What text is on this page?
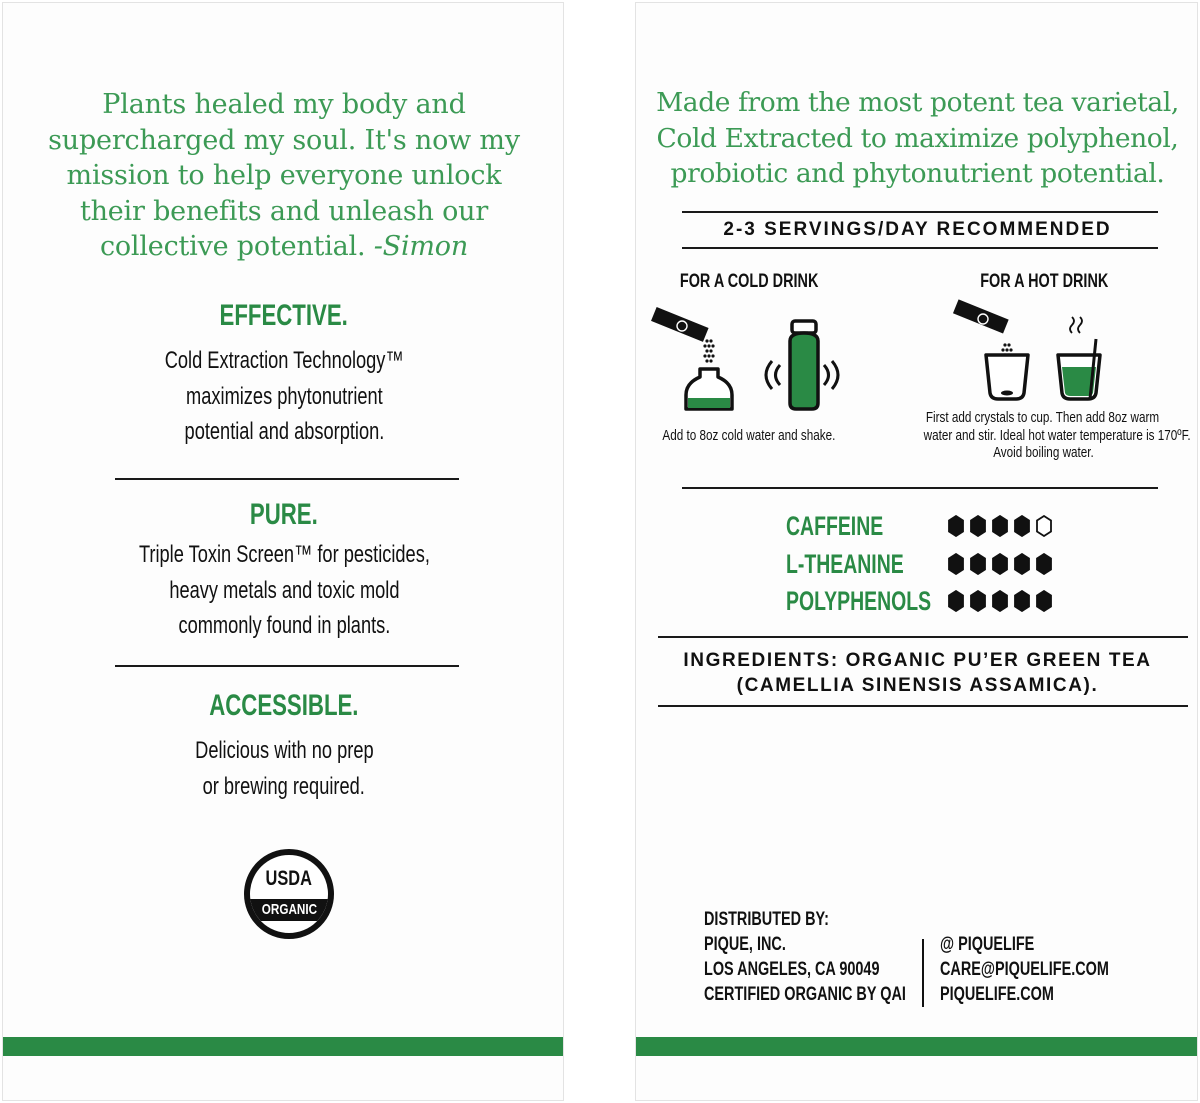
Plants healed my body and
supercharged my soul. It's now my
mission to help everyone unlock
their benefits and unleash our
collective potential. -Simon
EFFECTIVE.
Cold Extraction Technology™
maximizes phytonutrient
potential and absorption.
PURE.
Triple Toxin Screen™ for pesticides,
heavy metals and toxic mold
commonly found in plants.
ACCESSIBLE.
Delicious with no prep
or brewing required.
USDA
ORGANIC
Made from the most potent tea varietal,
Cold Extracted to maximize polyphenol,
probiotic and phytonutrient potential.
2-3 SERVINGS/DAY RECOMMENDED
FOR A COLD DRINK
Add to 8oz cold water and shake.
FOR A HOT DRINK
First add crystals to cup. Then add 8oz warm
water and stir. Ideal hot water temperature is 170ºF.
Avoid boiling water.
CAFFEINE
L-THEANINE
POLYPHENOLS
INGREDIENTS: ORGANIC PU’ER GREEN TEA
(CAMELLIA SINENSIS ASSAMICA).
DISTRIBUTED BY:
PIQUE, INC.
LOS ANGELES, CA 90049
CERTIFIED ORGANIC BY QAI
@ PIQUELIFE
CARE@PIQUELIFE.COM
PIQUELIFE.COM
